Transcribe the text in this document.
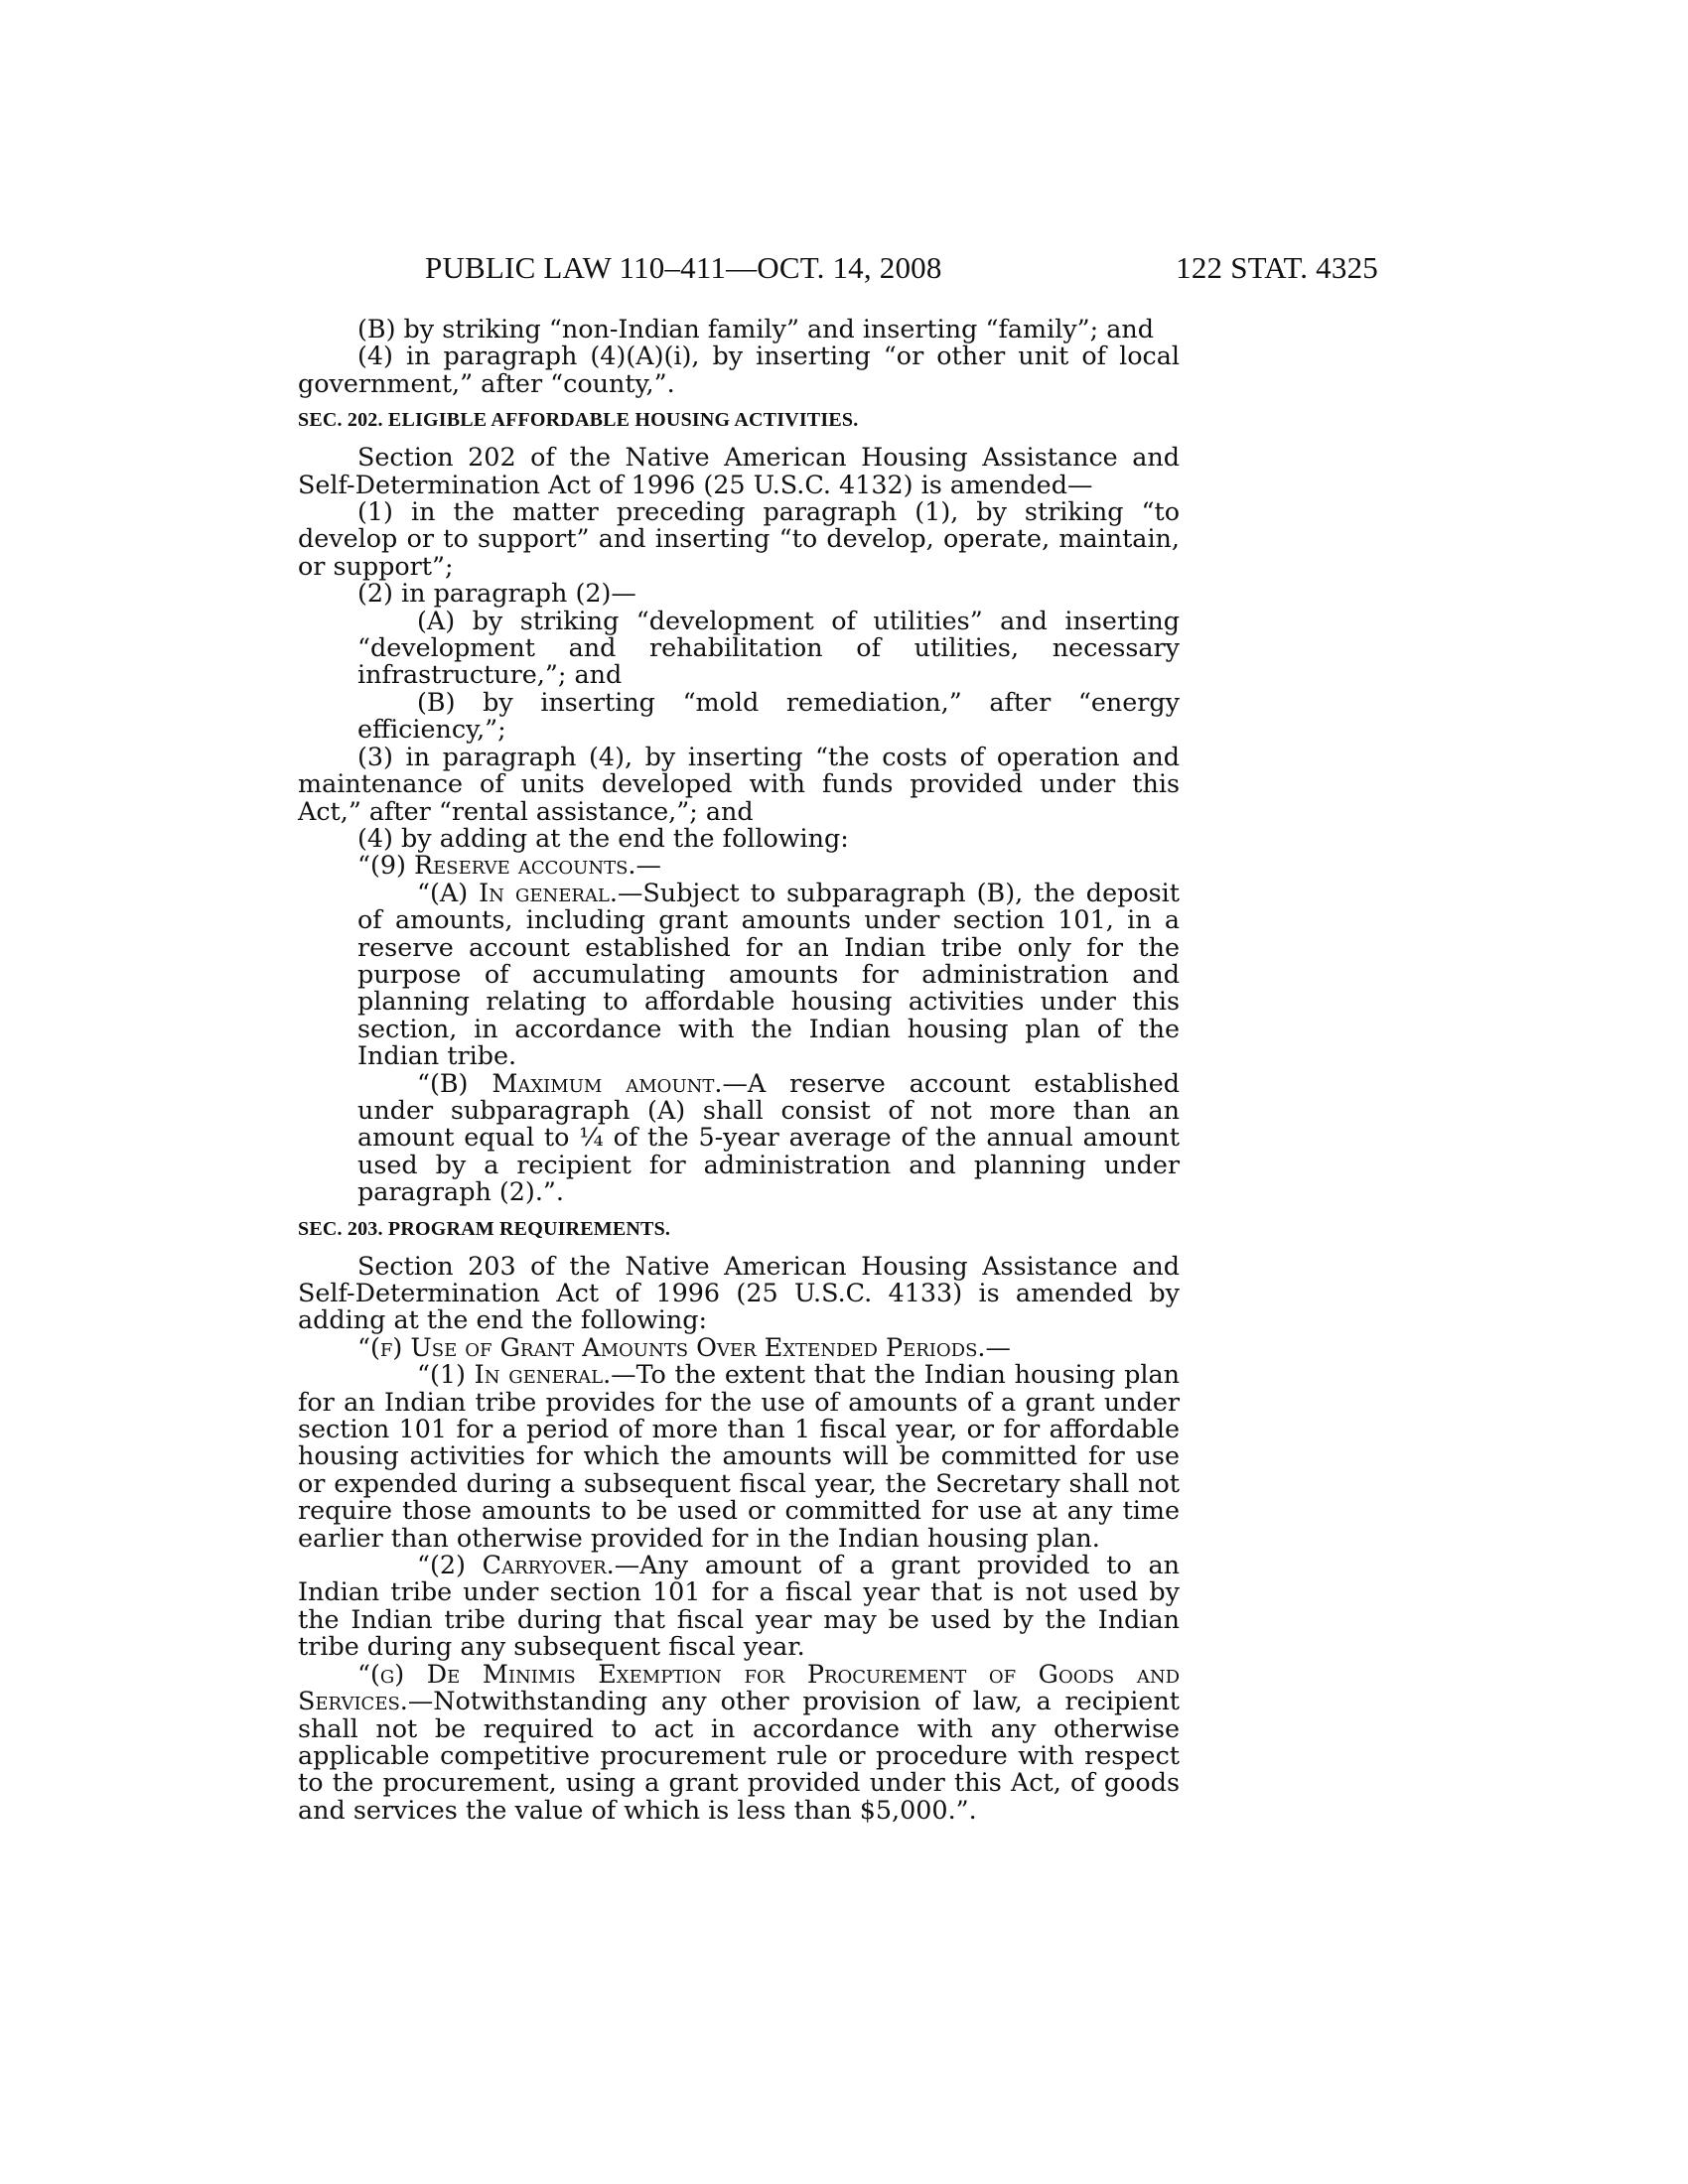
PUBLIC LAW 110–411—OCT. 14, 2008	122 STAT. 4325

(B) by striking “non-Indian family” and inserting “family”; and

(4) in paragraph (4)(A)(i), by inserting “or other unit of local government,” after “county,”.

SEC. 202. ELIGIBLE AFFORDABLE HOUSING ACTIVITIES.

Section 202 of the Native American Housing Assistance and Self-Determination Act of 1996 (25 U.S.C. 4132) is amended—

(1) in the matter preceding paragraph (1), by striking “to develop or to support” and inserting “to develop, operate, maintain, or support”;

(2) in paragraph (2)—

(A) by striking “development of utilities” and inserting “development and rehabilitation of utilities, necessary infrastructure,”; and

(B) by inserting “mold remediation,” after “energy efficiency,”;

(3) in paragraph (4), by inserting “the costs of operation and maintenance of units developed with funds provided under this Act,” after “rental assistance,”; and

(4) by adding at the end the following:

“(9) Reserve accounts.—

“(A) In general.—Subject to subparagraph (B), the deposit of amounts, including grant amounts under section 101, in a reserve account established for an Indian tribe only for the purpose of accumulating amounts for administration and planning relating to affordable housing activities under this section, in accordance with the Indian housing plan of the Indian tribe.

“(B) Maximum amount.—A reserve account established under subparagraph (A) shall consist of not more than an amount equal to ¼ of the 5-year average of the annual amount used by a recipient for administration and planning under paragraph (2).”.

SEC. 203. PROGRAM REQUIREMENTS.

Section 203 of the Native American Housing Assistance and Self-Determination Act of 1996 (25 U.S.C. 4133) is amended by adding at the end the following:

“(f) Use of Grant Amounts Over Extended Periods.—

“(1) In general.—To the extent that the Indian housing plan for an Indian tribe provides for the use of amounts of a grant under section 101 for a period of more than 1 fiscal year, or for affordable housing activities for which the amounts will be committed for use or expended during a subsequent fiscal year, the Secretary shall not require those amounts to be used or committed for use at any time earlier than otherwise provided for in the Indian housing plan.

“(2) Carryover.—Any amount of a grant provided to an Indian tribe under section 101 for a fiscal year that is not used by the Indian tribe during that fiscal year may be used by the Indian tribe during any subsequent fiscal year.

“(g) De Minimis Exemption for Procurement of Goods and Services.—Notwithstanding any other provision of law, a recipient shall not be required to act in accordance with any otherwise applicable competitive procurement rule or procedure with respect to the procurement, using a grant provided under this Act, of goods and services the value of which is less than $5,000.”.
